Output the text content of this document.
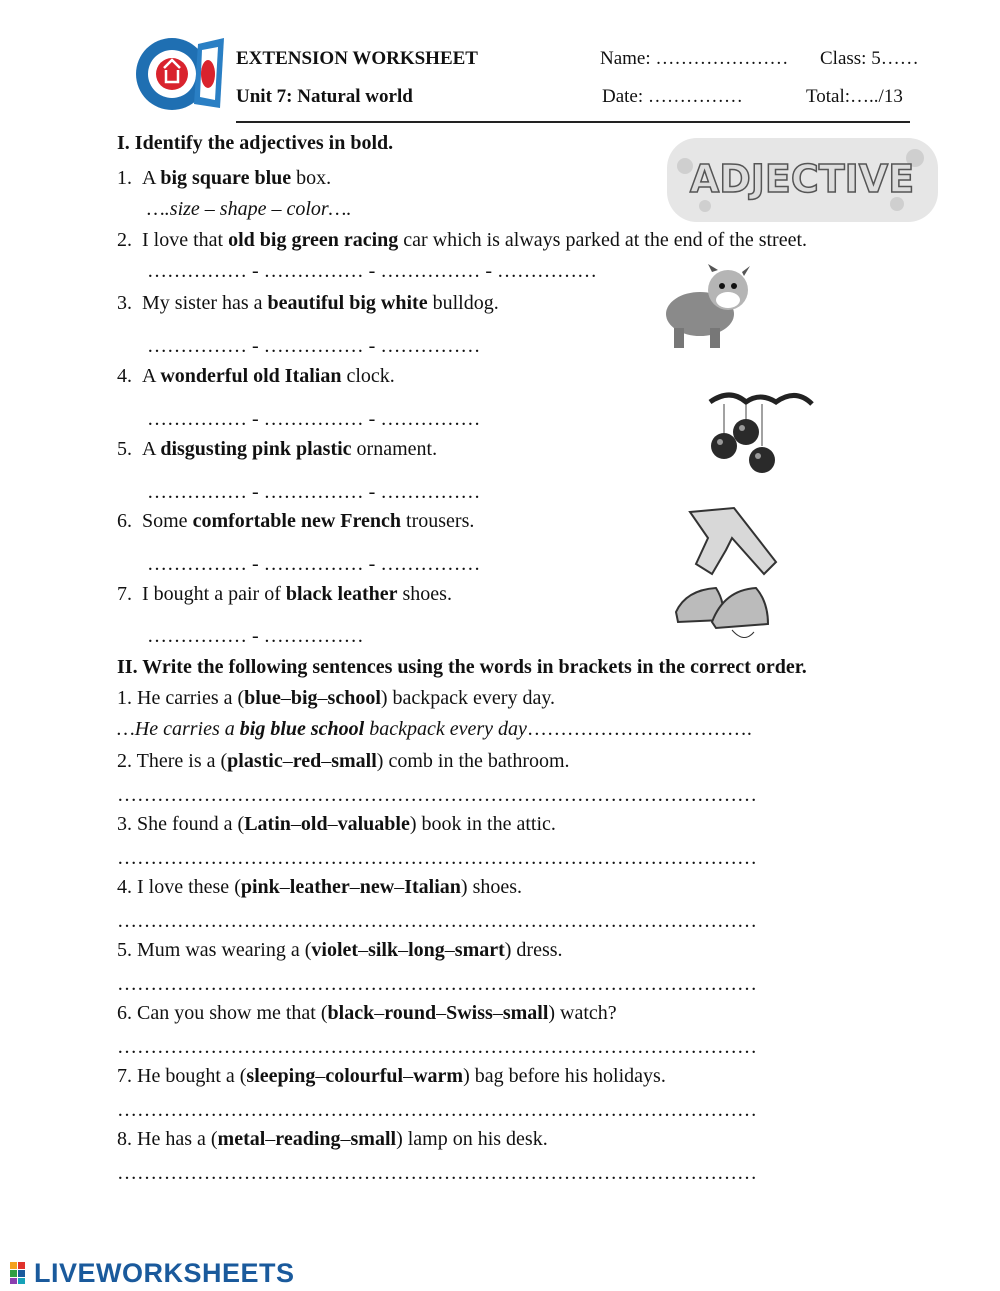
EXTENSION WORKSHEET
Unit 7: Natural world
Name: ………………… Class: 5……
Date: ……………	Total:…../13
I. Identify the adjectives in bold.
ADJECTIVE
1. A big square blue box.
….size – shape – color….
2. I love that old big green racing car which is always parked at the end of the street.
…………… - …………… - …………… - ……………
3. My sister has a beautiful big white bulldog.
…………… - …………… - ……………
4. A wonderful old Italian clock.
…………… - …………… - ……………
5. A disgusting pink plastic ornament.
…………… - …………… - ……………
6. Some comfortable new French trousers.
…………… - …………… - ……………
7. I bought a pair of black leather shoes.
…………… - ……………
II. Write the following sentences using the words in brackets in the correct order.
1. He carries a (blue–big–school) backpack every day.
…He carries a big blue school backpack every day…………………………….
2. There is a (plastic–red–small) comb in the bathroom.
……………………………………………………………………………………
3. She found a (Latin–old–valuable) book in the attic.
……………………………………………………………………………………
4. I love these (pink–leather–new–Italian) shoes.
……………………………………………………………………………………
5. Mum was wearing a (violet–silk–long–smart) dress.
……………………………………………………………………………………
6. Can you show me that (black–round–Swiss–small) watch?
……………………………………………………………………………………
7. He bought a (sleeping–colourful–warm) bag before his holidays.
……………………………………………………………………………………
8. He has a (metal–reading–small) lamp on his desk.
……………………………………………………………………………………
LIVEWORKSHEETS
